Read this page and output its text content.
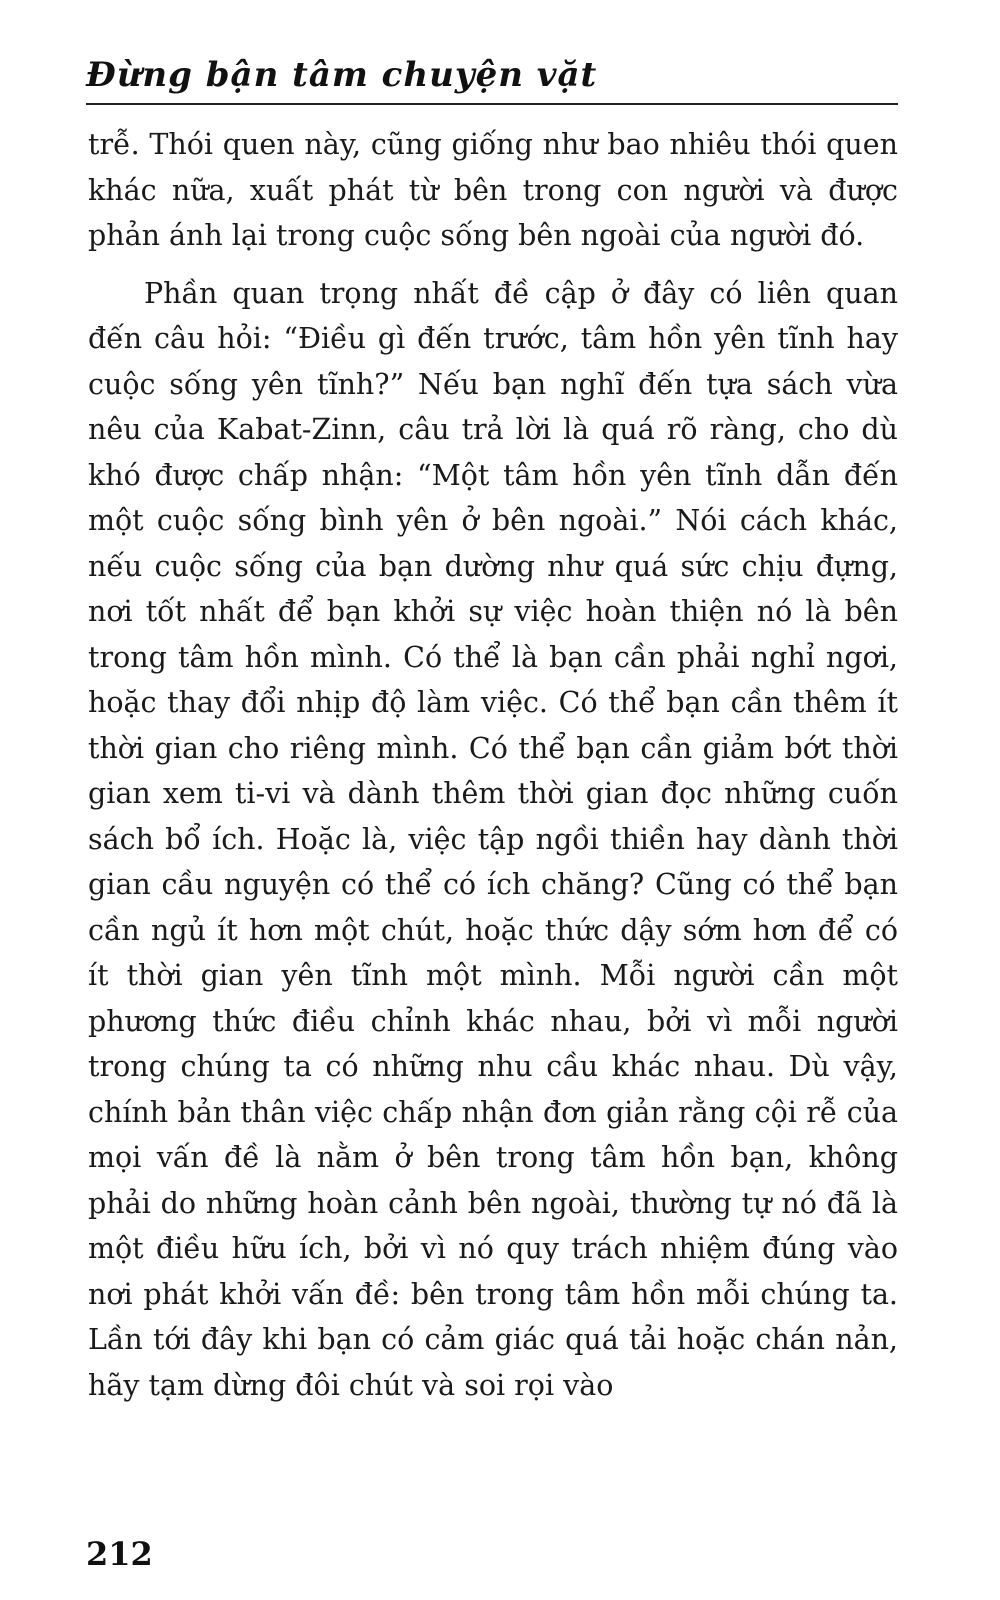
Đừng bận tâm chuyện vặt

trễ. Thói quen này, cũng giống như bao nhiêu thói quen khác nữa, xuất phát từ bên trong con người và được phản ánh lại trong cuộc sống bên ngoài của người đó.

Phần quan trọng nhất đề cập ở đây có liên quan đến câu hỏi: “Điều gì đến trước, tâm hồn yên tĩnh hay cuộc sống yên tĩnh?” Nếu bạn nghĩ đến tựa sách vừa nêu của Kabat-Zinn, câu trả lời là quá rõ ràng, cho dù khó được chấp nhận: “Một tâm hồn yên tĩnh dẫn đến một cuộc sống bình yên ở bên ngoài.” Nói cách khác, nếu cuộc sống của bạn dường như quá sức chịu đựng, nơi tốt nhất để bạn khởi sự việc hoàn thiện nó là bên trong tâm hồn mình. Có thể là bạn cần phải nghỉ ngơi, hoặc thay đổi nhịp độ làm việc. Có thể bạn cần thêm ít thời gian cho riêng mình. Có thể bạn cần giảm bớt thời gian xem ti-vi và dành thêm thời gian đọc những cuốn sách bổ ích. Hoặc là, việc tập ngồi thiền hay dành thời gian cầu nguyện có thể có ích chăng? Cũng có thể bạn cần ngủ ít hơn một chút, hoặc thức dậy sớm hơn để có ít thời gian yên tĩnh một mình. Mỗi người cần một phương thức điều chỉnh khác nhau, bởi vì mỗi người trong chúng ta có những nhu cầu khác nhau. Dù vậy, chính bản thân việc chấp nhận đơn giản rằng cội rễ của mọi vấn đề là nằm ở bên trong tâm hồn bạn, không phải do những hoàn cảnh bên ngoài, thường tự nó đã là một điều hữu ích, bởi vì nó quy trách nhiệm đúng vào nơi phát khởi vấn đề: bên trong tâm hồn mỗi chúng ta. Lần tới đây khi bạn có cảm giác quá tải hoặc chán nản, hãy tạm dừng đôi chút và soi rọi vào

212
